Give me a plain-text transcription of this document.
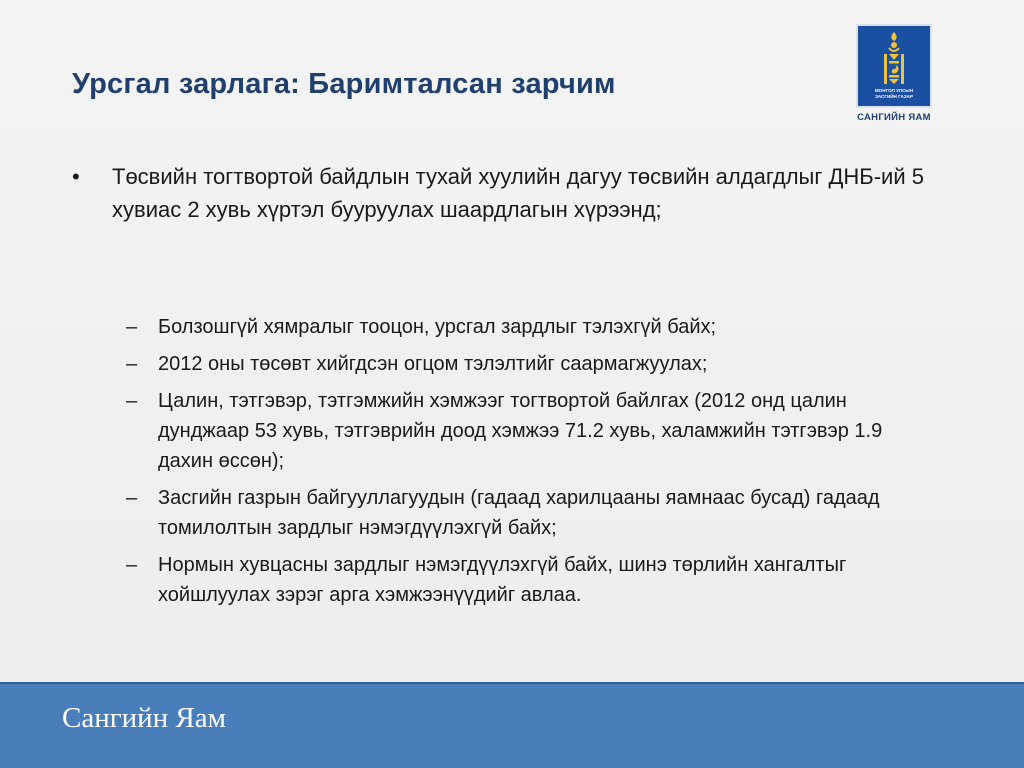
Урсгал зарлага: Баримталсан зарчим	МОНГОЛ УЛСЫН
ЗАСГИЙН ГАЗАР
САНГИЙН ЯАМ
•	Төсвийн тогтвортой байдлын тухай хуулийн дагуу төсвийн алдагдлыг ДНБ-ий 5 хувиас 2 хувь хүртэл бууруулах шаардлагын хүрээнд;
–	Болзошгүй хямралыг тооцон, урсгал зардлыг тэлэхгүй байх;
–	2012 оны төсөвт хийгдсэн огцом тэлэлтийг саармагжуулах;
–	Цалин, тэтгэвэр, тэтгэмжийн хэмжээг тогтвортой байлгах (2012 онд цалин дунджаар 53 хувь, тэтгэврийн доод хэмжээ 71.2 хувь, халамжийн тэтгэвэр 1.9 дахин өссөн);
–	Засгийн газрын байгууллагуудын (гадаад харилцааны яамнаас бусад) гадаад томилолтын зардлыг нэмэгдүүлэхгүй байх;
–	Нормын хувцасны зардлыг нэмэгдүүлэхгүй байх, шинэ төрлийн хангалтыг хойшлуулах зэрэг арга хэмжээнүүдийг авлаа.
Сангийн Яам
